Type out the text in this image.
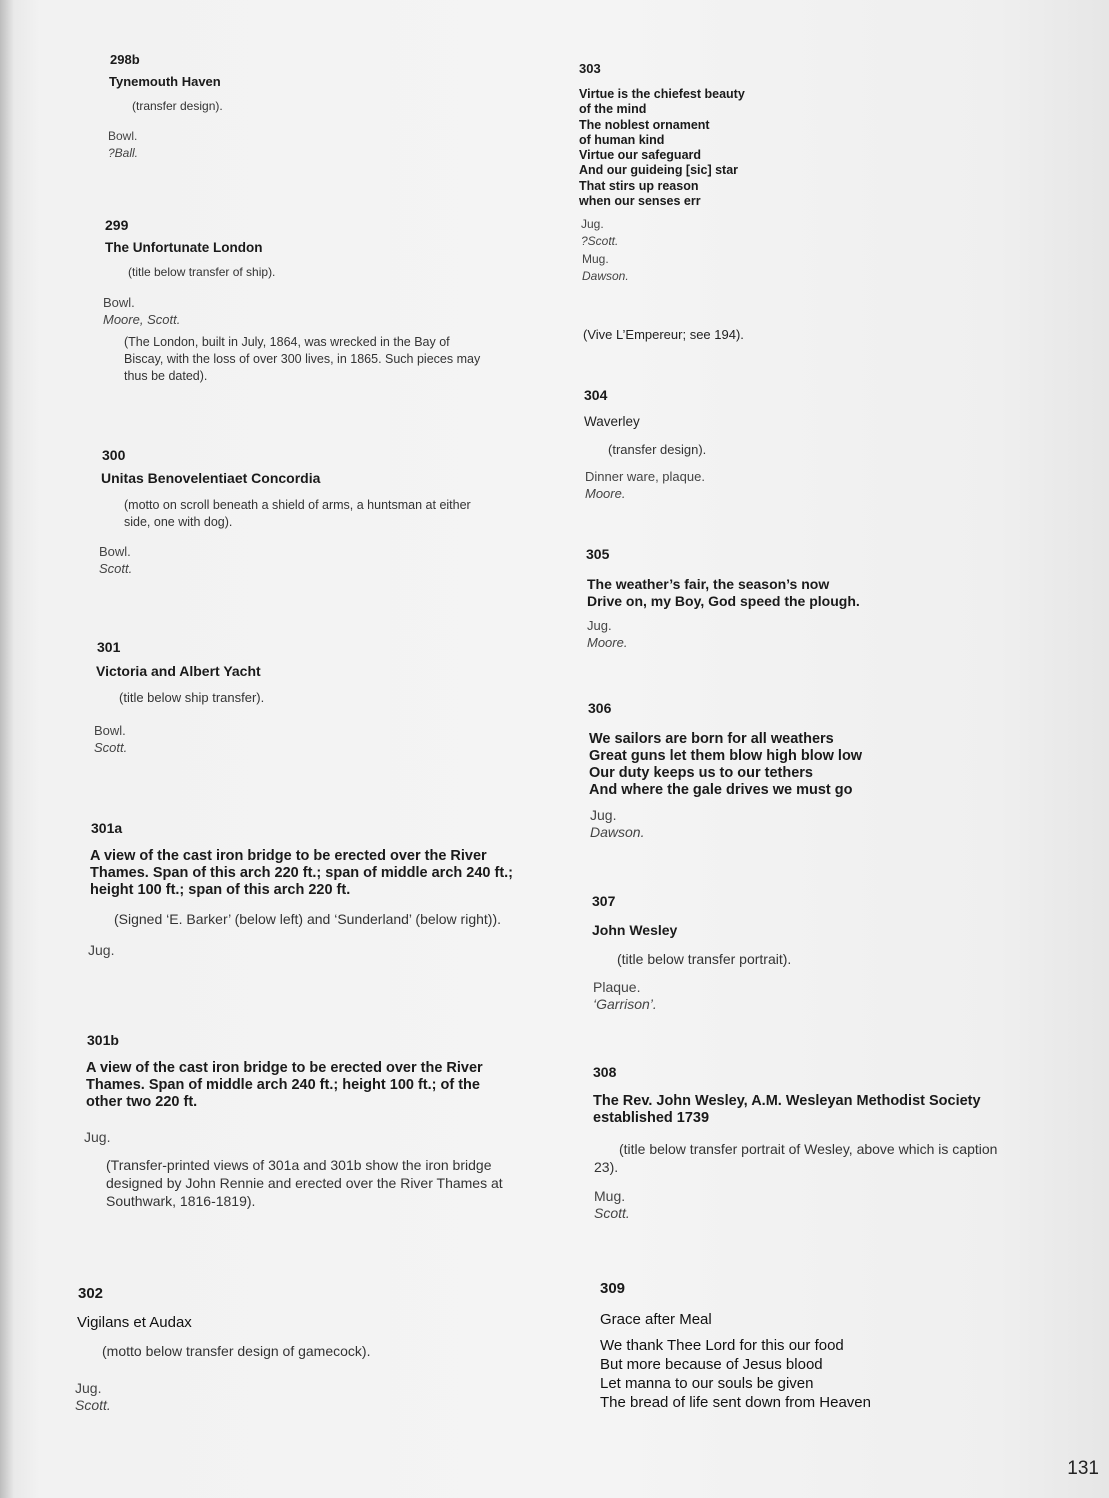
298b
Tynemouth Haven
(transfer design).
Bowl.
?Ball.
299
The Unfortunate London
(title below transfer of ship).
Bowl.
Moore, Scott.
(The London, built in July, 1864, was wrecked in the Bay of
Biscay, with the loss of over 300 lives, in 1865. Such pieces may
thus be dated).
300
Unitas Benovelentiaet Concordia
(motto on scroll beneath a shield of arms, a huntsman at either
side, one with dog).
Bowl.
Scott.
301
Victoria and Albert Yacht
(title below ship transfer).
Bowl.
Scott.
301a
A view of the cast iron bridge to be erected over the River
Thames. Span of this arch 220 ft.; span of middle arch 240 ft.;
height 100 ft.; span of this arch 220 ft.
(Signed ‘E. Barker’ (below left) and ‘Sunderland’ (below right)).
Jug.
301b
A view of the cast iron bridge to be erected over the River
Thames. Span of middle arch 240 ft.; height 100 ft.; of the
other two 220 ft.
Jug.
(Transfer-printed views of 301a and 301b show the iron bridge
designed by John Rennie and erected over the River Thames at
Southwark, 1816-1819).
302
Vigilans et Audax
(motto below transfer design of gamecock).
Jug.
Scott.
303
Virtue is the chiefest beauty
of the mind
The noblest ornament
of human kind
Virtue our safeguard
And our guideing [sic] star
That stirs up reason
when our senses err
Jug.
?Scott.
Mug.
Dawson.
(Vive L’Empereur; see 194).
304
Waverley
(transfer design).
Dinner ware, plaque.
Moore.
305
The weather’s fair, the season’s now
Drive on, my Boy, God speed the plough.
Jug.
Moore.
306
We sailors are born for all weathers
Great guns let them blow high blow low
Our duty keeps us to our tethers
And where the gale drives we must go
Jug.
Dawson.
307
John Wesley
(title below transfer portrait).
Plaque.
‘Garrison’.
308
The Rev. John Wesley, A.M. Wesleyan Methodist Society
established 1739
(title below transfer portrait of Wesley, above which is caption
23).
Mug.
Scott.
309
Grace after Meal
We thank Thee Lord for this our food
But more because of Jesus blood
Let manna to our souls be given
The bread of life sent down from Heaven
131
